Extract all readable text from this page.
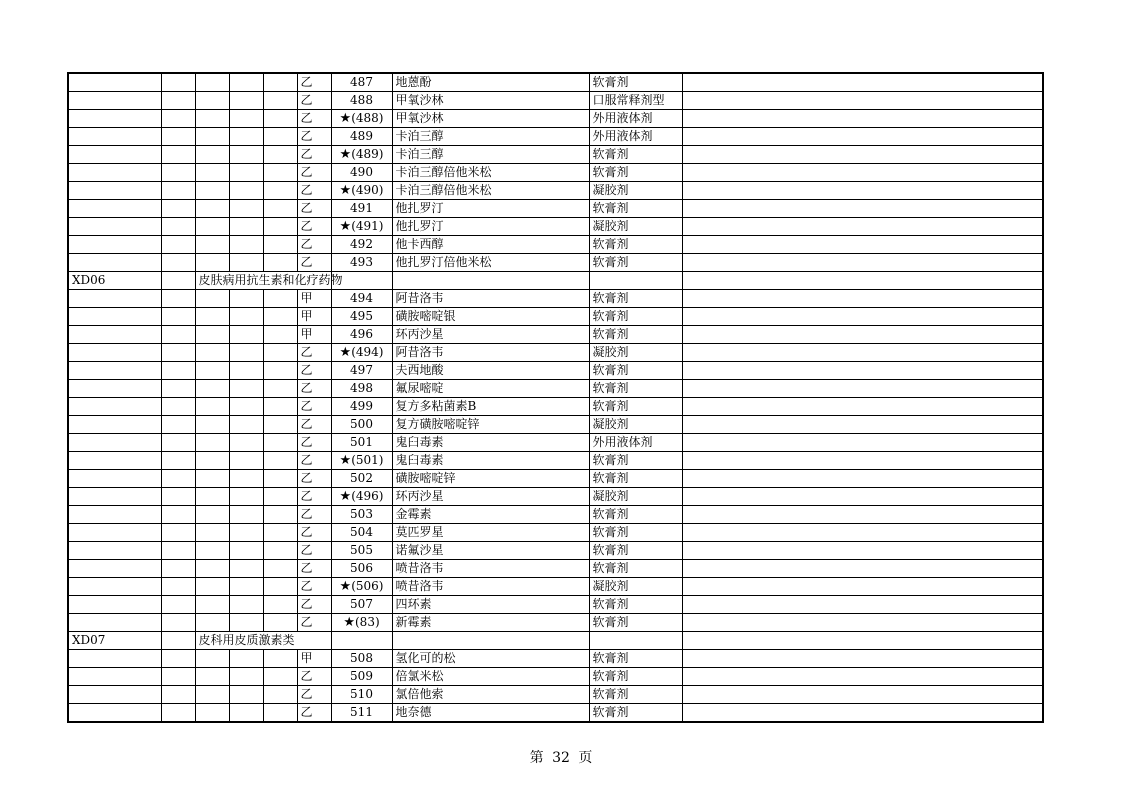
					乙	487	地蒽酚	软膏剂	
					乙	488	甲氧沙林	口服常释剂型	
					乙	★(488)	甲氧沙林	外用液体剂	
					乙	489	卡泊三醇	外用液体剂	
					乙	★(489)	卡泊三醇	软膏剂	
					乙	490	卡泊三醇倍他米松	软膏剂	
					乙	★(490)	卡泊三醇倍他米松	凝胶剂	
					乙	491	他扎罗汀	软膏剂	
					乙	★(491)	他扎罗汀	凝胶剂	
					乙	492	他卡西醇	软膏剂	
					乙	493	他扎罗汀倍他米松	软膏剂	
XD06		皮肤病用抗生素和化疗药物							
					甲	494	阿昔洛韦	软膏剂	
					甲	495	磺胺嘧啶银	软膏剂	
					甲	496	环丙沙星	软膏剂	
					乙	★(494)	阿昔洛韦	凝胶剂	
					乙	497	夫西地酸	软膏剂	
					乙	498	氟尿嘧啶	软膏剂	
					乙	499	复方多粘菌素B	软膏剂	
					乙	500	复方磺胺嘧啶锌	凝胶剂	
					乙	501	鬼臼毒素	外用液体剂	
					乙	★(501)	鬼臼毒素	软膏剂	
					乙	502	磺胺嘧啶锌	软膏剂	
					乙	★(496)	环丙沙星	凝胶剂	
					乙	503	金霉素	软膏剂	
					乙	504	莫匹罗星	软膏剂	
					乙	505	诺氟沙星	软膏剂	
					乙	506	喷昔洛韦	软膏剂	
					乙	★(506)	喷昔洛韦	凝胶剂	
					乙	507	四环素	软膏剂	
					乙	★(83)	新霉素	软膏剂	
XD07		皮科用皮质激素类							
					甲	508	氢化可的松	软膏剂	
					乙	509	倍氯米松	软膏剂	
					乙	510	氯倍他索	软膏剂	
					乙	511	地奈德	软膏剂	
第 32 页
